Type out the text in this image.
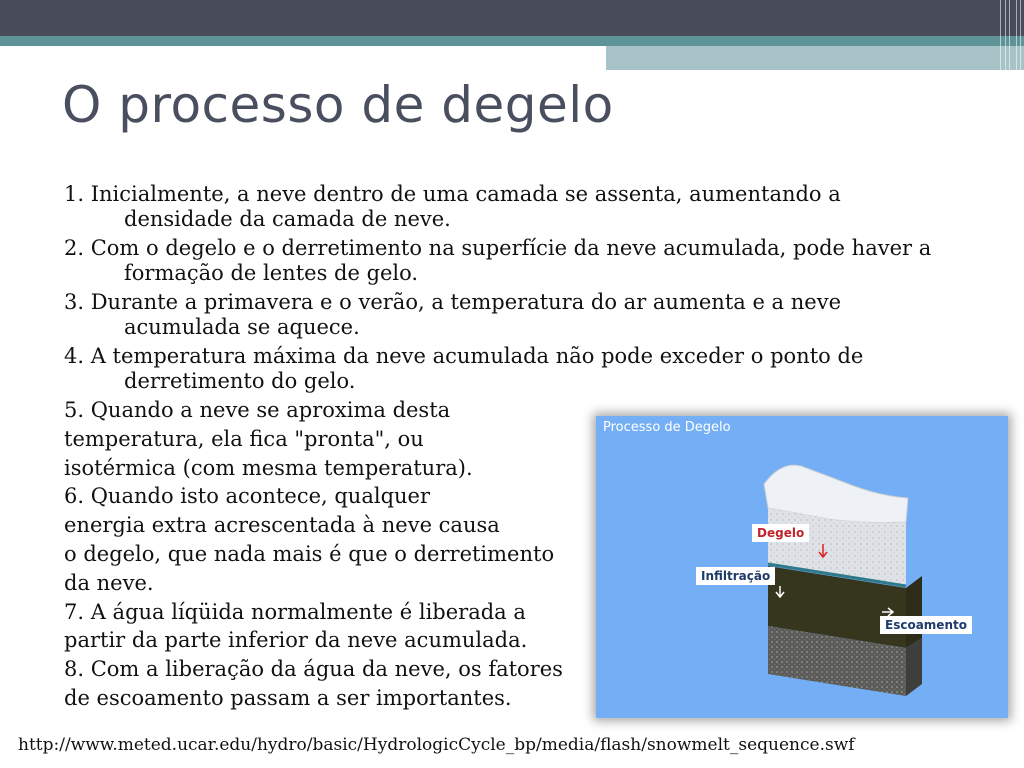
O processo de degelo
1. Inicialmente, a neve dentro de uma camada se assenta, aumentando a densidade da camada de neve.
2. Com o degelo e o derretimento na superfície da neve acumulada, pode haver a formação de lentes de gelo.
3. Durante a primavera e o verão, a temperatura do ar aumenta e a neve acumulada se aquece.
4. A temperatura máxima da neve acumulada não pode exceder o ponto de derretimento do gelo.
5. Quando a neve se aproxima desta
temperatura, ela fica "pronta", ou
isotérmica (com mesma temperatura).
6. Quando isto acontece, qualquer
energia extra acrescentada à neve causa
o degelo, que nada mais é que o derretimento
da neve.
7. A água líqüida normalmente é liberada a
partir da parte inferior da neve acumulada.
8. Com a liberação da água da neve, os fatores
de escoamento passam a ser importantes.
Processo de Degelo
Degelo
Infiltração
Escoamento
http://www.meted.ucar.edu/hydro/basic/HydrologicCycle_bp/media/flash/snowmelt_sequence.swf
